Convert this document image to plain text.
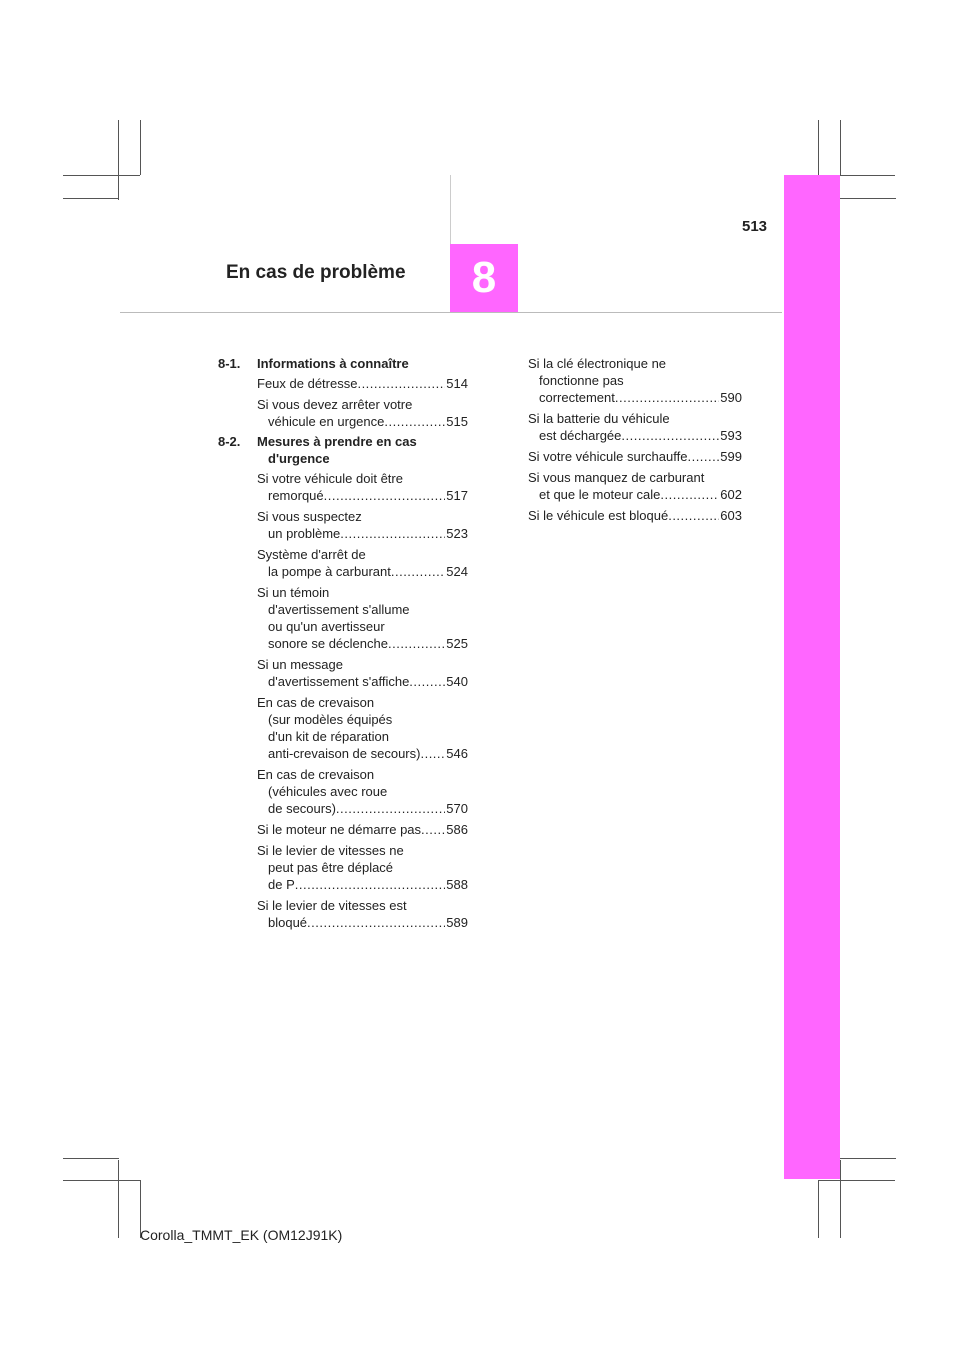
8
513
En cas de problème
8-1.	Informations à connaître
Feux de détresse .....	514
Si vous devez arrêter votre
véhicule en urgence .....	515
8-2.	Mesures à prendre en cas
d'urgence
Si votre véhicule doit être
remorqué .....	517
Si vous suspectez
un problème .....	523
Système d'arrêt de
la pompe à carburant .....	524
Si un témoin
d'avertissement s'allume
ou qu'un avertisseur
sonore se déclenche .....	525
Si un message
d'avertissement s'affiche .....	540
En cas de crevaison
(sur modèles équipés
d'un kit de réparation
anti-crevaison de secours) ..... 546
En cas de crevaison
(véhicules avec roue
de secours) .....	570
Si le moteur ne démarre pas ..... 586
Si le levier de vitesses ne
peut pas être déplacé
de P .....	588
Si le levier de vitesses est
bloqué .....	589
Si la clé électronique ne
fonctionne pas
correctement .....	590
Si la batterie du véhicule
est déchargée .....	593
Si votre véhicule surchauffe .....	599
Si vous manquez de carburant
et que le moteur cale .....	602
Si le véhicule est bloqué .....	603
Corolla_TMMT_EK (OM12J91K)
